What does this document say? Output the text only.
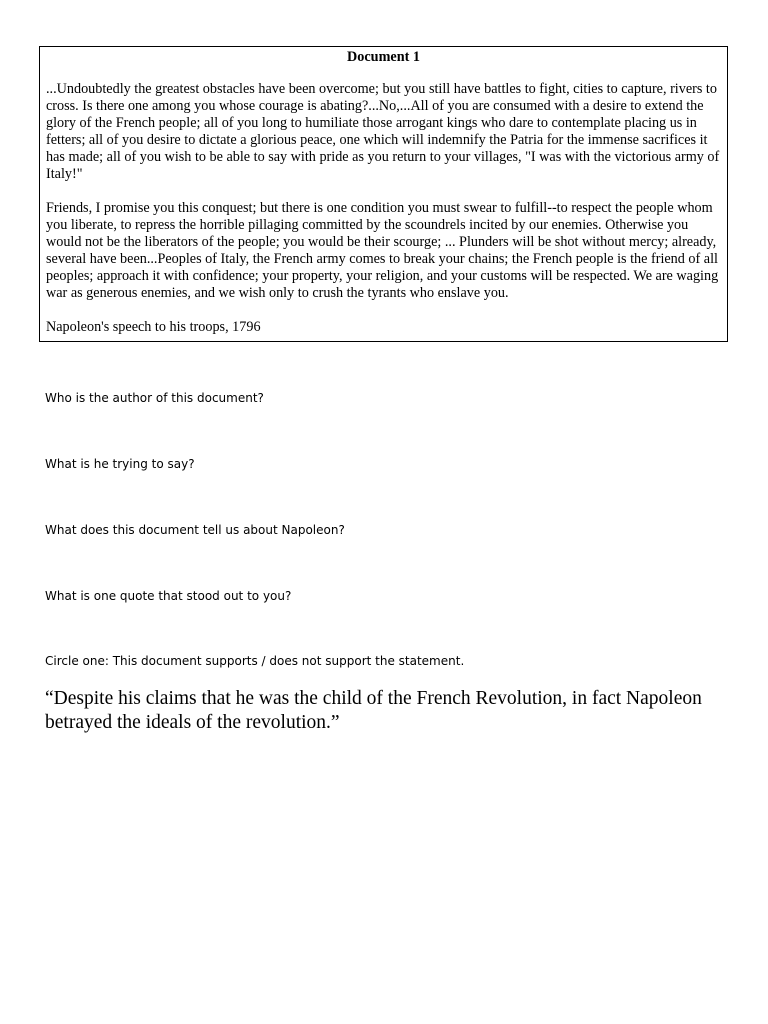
Document 1

...Undoubtedly the greatest obstacles have been overcome; but you still have battles to fight, cities to capture, rivers to cross. Is there one among you whose courage is abating?...No,...All of you are consumed with a desire to extend the glory of the French people; all of you long to humiliate those arrogant kings who dare to contemplate placing us in fetters; all of you desire to dictate a glorious peace, one which will indemnify the Patria for the immense sacrifices it has made; all of you wish to be able to say with pride as you return to your villages, "I was with the victorious army of Italy!"

Friends, I promise you this conquest; but there is one condition you must swear to fulfill--to respect the people whom you liberate, to repress the horrible pillaging committed by the scoundrels incited by our enemies. Otherwise you would not be the liberators of the people; you would be their scourge; ... Plunders will be shot without mercy; already, several have been...Peoples of Italy, the French army comes to break your chains; the French people is the friend of all peoples; approach it with confidence; your property, your religion, and your customs will be respected. We are waging war as generous enemies, and we wish only to crush the tyrants who enslave you.

Napoleon's speech to his troops, 1796

Who is the author of this document?
What is he trying to say?
What does this document tell us about Napoleon?
What is one quote that stood out to you?
Circle one: This document supports / does not support the statement.
“Despite his claims that he was the child of the French Revolution, in fact Napoleon betrayed the ideals of the revolution.”
